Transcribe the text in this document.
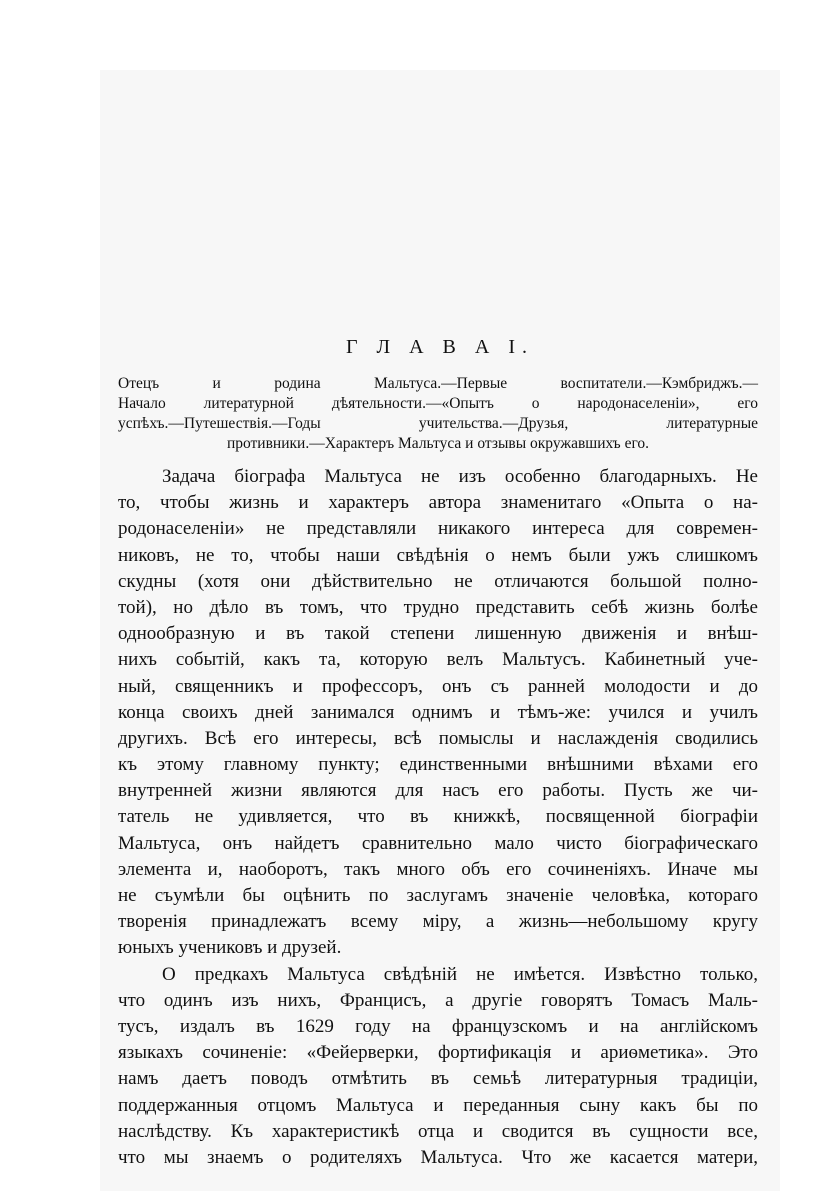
Г Л А В А I.
Отецъ и родина Мальтуса.—Первые воспитатели.—Кэмбриджъ.—
Начало литературной дѣятельности.—«Опытъ о народонаселеніи», его
успѣхъ.—Путешествія.—Годы учительства.—Друзья, литературные
противники.—Характеръ Мальтуса и отзывы окружавшихъ его.
Задача біографа Мальтуса не изъ особенно благодарныхъ. Не
то, чтобы жизнь и характеръ автора знаменитаго «Опыта о на-
родонаселеніи» не представляли никакого интереса для современ-
никовъ, не то, чтобы наши свѣдѣнія о немъ были ужъ слишкомъ
скудны (хотя они дѣйствительно не отличаются большой полно-
той), но дѣло въ томъ, что трудно представить себѣ жизнь болѣе
однообразную и въ такой степени лишенную движенія и внѣш-
нихъ событій, какъ та, которую велъ Мальтусъ. Кабинетный уче-
ный, священникъ и профессоръ, онъ съ ранней молодости и до
конца своихъ дней занимался однимъ и тѣмъ-же: учился и училъ
другихъ. Всѣ его интересы, всѣ помыслы и наслажденія сводились
къ этому главному пункту; единственными внѣшними вѣхами его
внутренней жизни являются для насъ его работы. Пусть же чи-
татель не удивляется, что въ книжкѣ, посвященной біографіи
Мальтуса, онъ найдетъ сравнительно мало чисто біографическаго
элемента и, наоборотъ, такъ много объ его сочиненіяхъ. Иначе мы
не съумѣли бы оцѣнить по заслугамъ значеніе человѣка, котораго
творенія принадлежатъ всему міру, а жизнь—небольшому кругу
юныхъ учениковъ и друзей.
О предкахъ Мальтуса свѣдѣній не имѣется. Извѣстно только,
что одинъ изъ нихъ, Францисъ, а другіе говорятъ Томасъ Маль-
тусъ, издалъ въ 1629 году на французскомъ и на англійскомъ
языкахъ сочиненіе: «Фейерверки, фортификація и ариѳметика». Это
намъ даетъ поводъ отмѣтить въ семьѣ литературныя традиціи,
поддержанныя отцомъ Мальтуса и переданныя сыну какъ бы по
наслѣдству. Къ характеристикѣ отца и сводится въ сущности все,
что мы знаемъ о родителяхъ Мальтуса. Что же касается матери,
